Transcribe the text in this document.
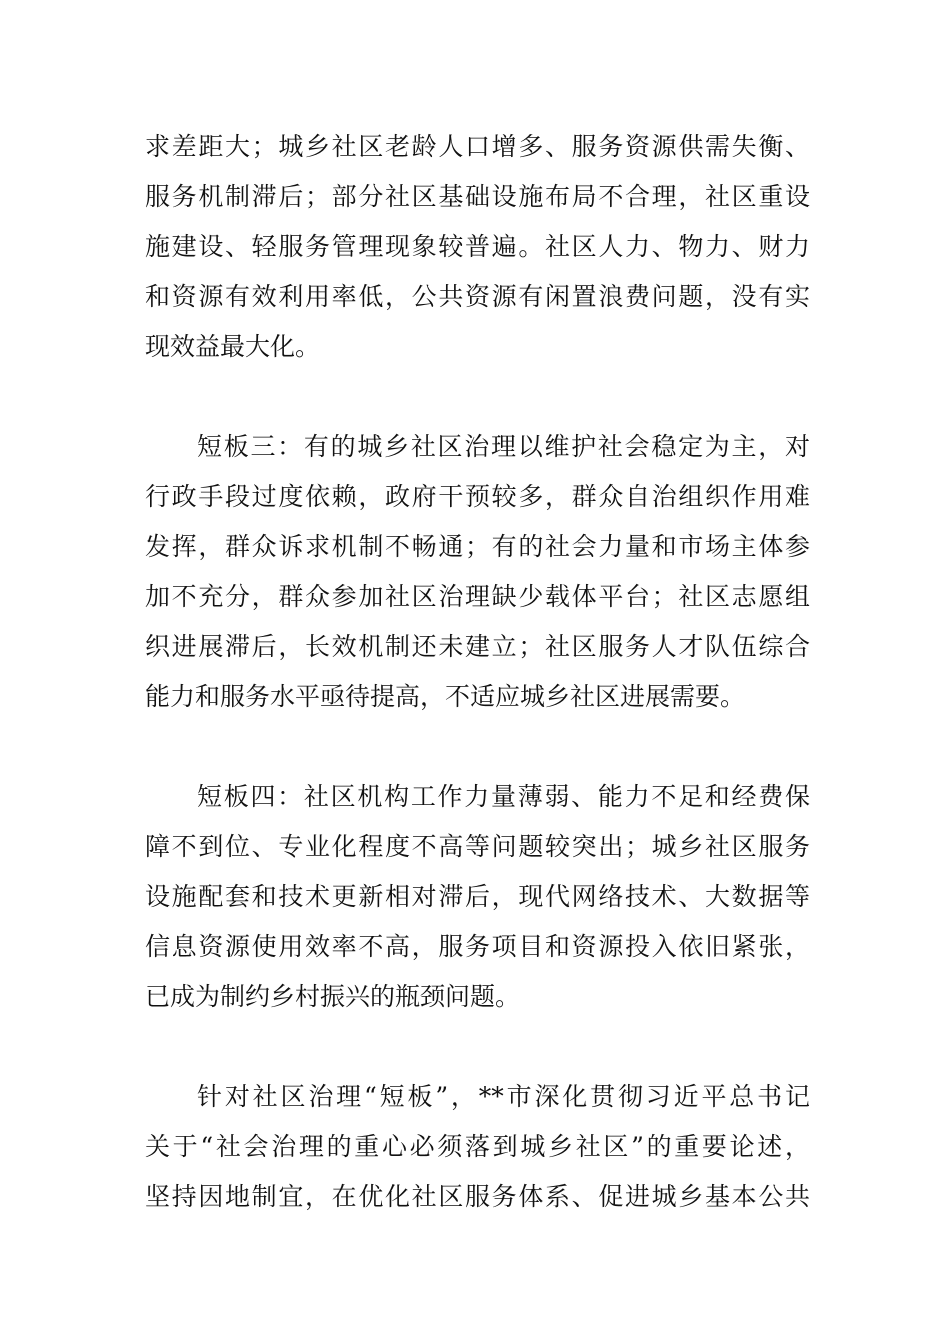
求差距大；城乡社区老龄人口增多、服务资源供需失衡、
服务机制滞后；部分社区基础设施布局不合理，社区重设
施建设、轻服务管理现象较普遍。社区人力、物力、财力
和资源有效利用率低，公共资源有闲置浪费问题，没有实
现效益最大化。
短板三：有的城乡社区治理以维护社会稳定为主，对
行政手段过度依赖，政府干预较多，群众自治组织作用难
发挥，群众诉求机制不畅通；有的社会力量和市场主体参
加不充分，群众参加社区治理缺少载体平台；社区志愿组
织进展滞后，长效机制还未建立；社区服务人才队伍综合
能力和服务水平亟待提高，不适应城乡社区进展需要。
短板四：社区机构工作力量薄弱、能力不足和经费保
障不到位、专业化程度不高等问题较突出；城乡社区服务
设施配套和技术更新相对滞后，现代网络技术、大数据等
信息资源使用效率不高，服务项目和资源投入依旧紧张，
已成为制约乡村振兴的瓶颈问题。
针对社区治理“短板”，**市深化贯彻习近平总书记
关于“社会治理的重心必须落到城乡社区”的重要论述，
坚持因地制宜，在优化社区服务体系、促进城乡基本公共
